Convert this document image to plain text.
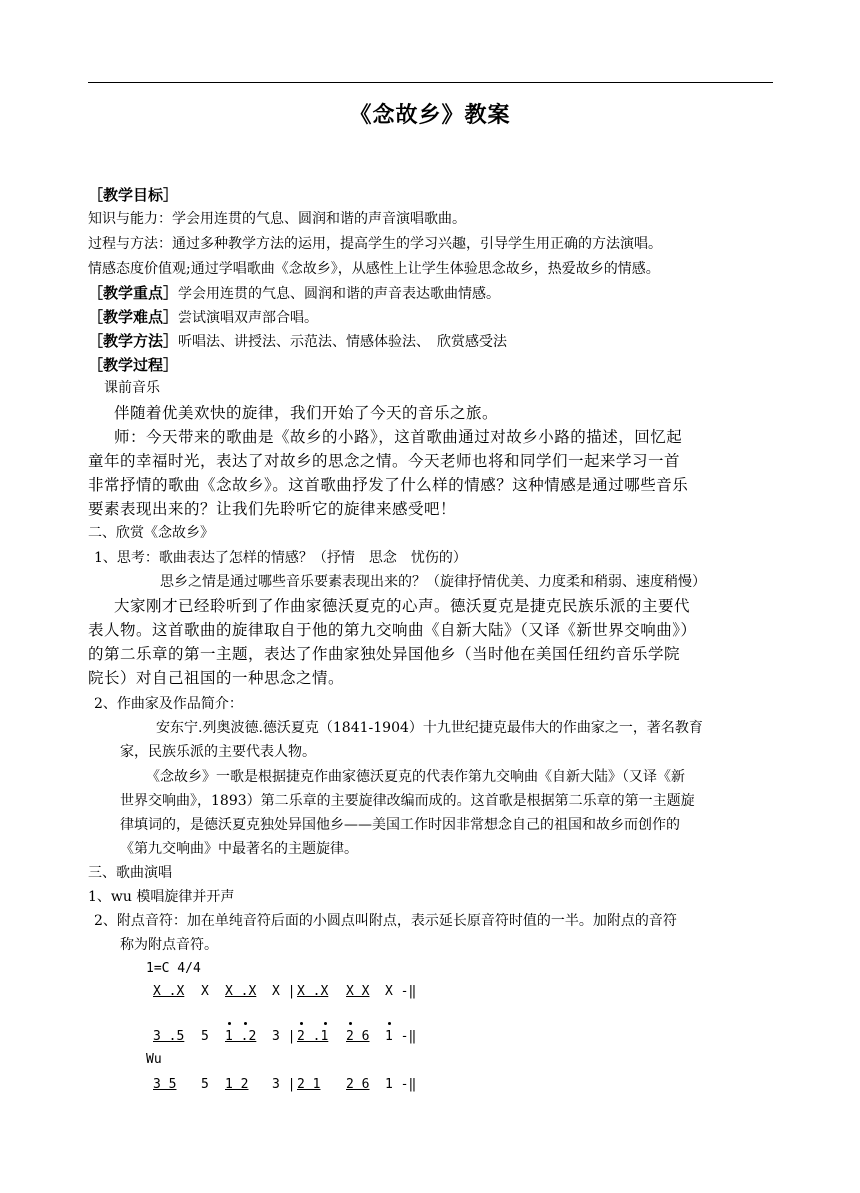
《念故乡》教案
［教学目标］
知识与能力：学会用连贯的气息、圆润和谐的声音演唱歌曲。
过程与方法：通过多种教学方法的运用，提高学生的学习兴趣，引导学生用正确的方法演唱。
情感态度价值观;通过学唱歌曲《念故乡》，从感性上让学生体验思念故乡，热爱故乡的情感。
［教学重点］学会用连贯的气息、圆润和谐的声音表达歌曲情感。
［教学难点］尝试演唱双声部合唱。
［教学方法］听唱法、讲授法、示范法、情感体验法、　欣赏感受法
［教学过程］
课前音乐
伴随着优美欢快的旋律，我们开始了今天的音乐之旅。
师：今天带来的歌曲是《故乡的小路》，这首歌曲通过对故乡小路的描述，回忆起
童年的幸福时光，表达了对故乡的思念之情。今天老师也将和同学们一起来学习一首
非常抒情的歌曲《念故乡》。这首歌曲抒发了什么样的情感？这种情感是通过哪些音乐
要素表现出来的？让我们先聆听它的旋律来感受吧！
二、欣赏《念故乡》
1、思考：歌曲表达了怎样的情感？（抒情　思念　忧伤的）
思乡之情是通过哪些音乐要素表现出来的？（旋律抒情优美、力度柔和稍弱、速度稍慢）
大家刚才已经聆听到了作曲家德沃夏克的心声。德沃夏克是捷克民族乐派的主要代
表人物。这首歌曲的旋律取自于他的第九交响曲《自新大陆》（又译《新世界交响曲》）
的第二乐章的第一主题，表达了作曲家独处异国他乡（当时他在美国任纽约音乐学院
院长）对自己祖国的一种思念之情。
2、作曲家及作品简介：
安东宁.列奥波德.德沃夏克（1841-1904）十九世纪捷克最伟大的作曲家之一，著名教育
家，民族乐派的主要代表人物。
《念故乡》一歌是根据捷克作曲家德沃夏克的代表作第九交响曲《自新大陆》（又译《新
世界交响曲》，1893）第二乐章的主要旋律改编而成的。这首歌是根据第二乐章的第一主题旋
律填词的，是德沃夏克独处异国他乡——美国工作时因非常想念自己的祖国和故乡而创作的
《第九交响曲》中最著名的主题旋律。
三、歌曲演唱
1、wu 模唱旋律并开声
2、附点音符：加在单纯音符后面的小圆点叫附点，表示延长原音符时值的一半。加附点的音符
称为附点音符。
1=C 4/4
X .X X X .X X | X .X X X X -‖
3 .5 5 1 .2 3 | 2 .1 2 6 1 -‖
Wu
3 5 5 1 2 3 | 2 1 2 6 1 -‖
